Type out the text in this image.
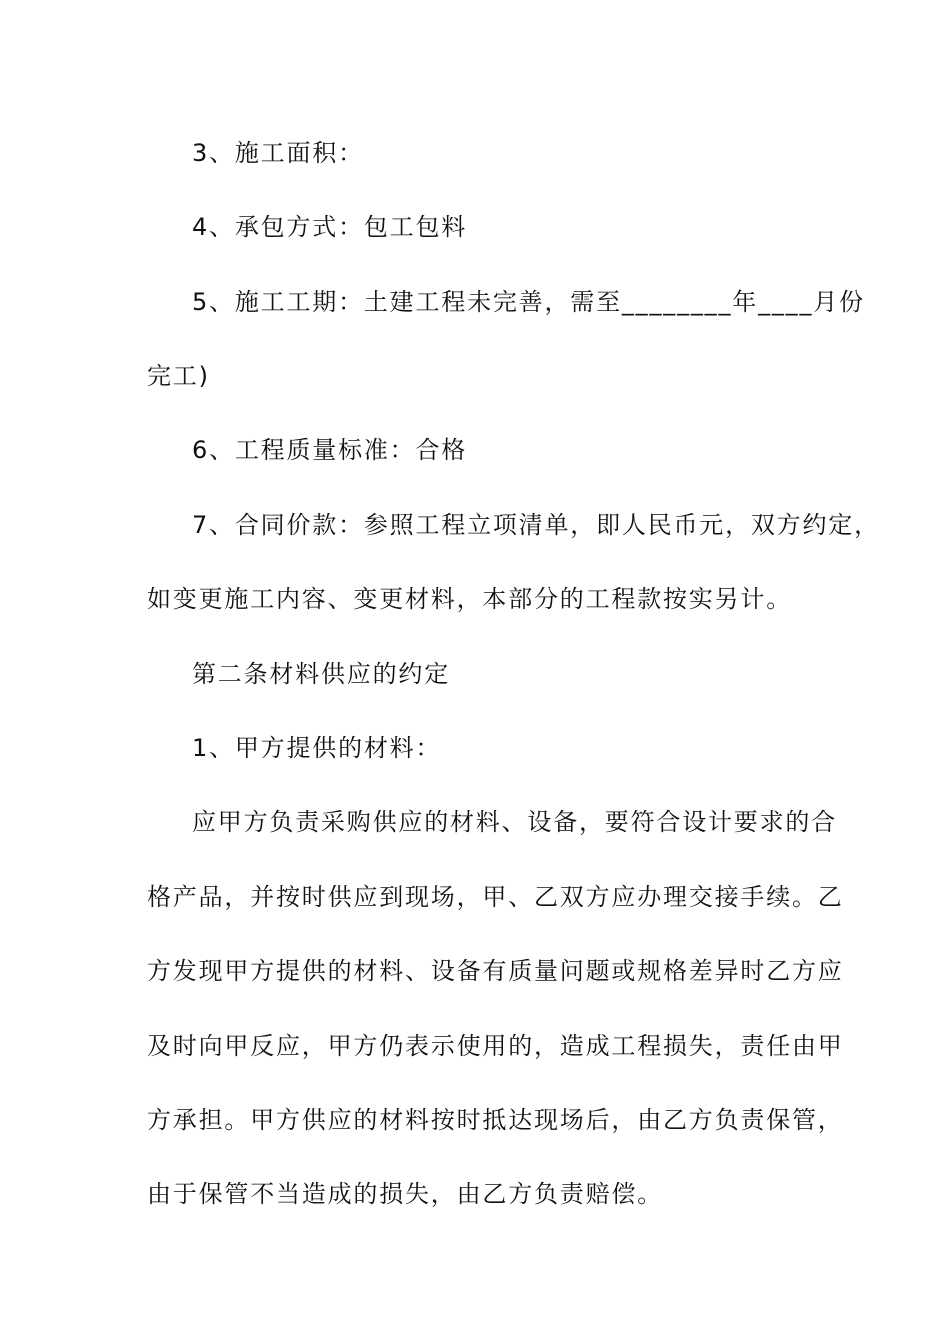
3、施工面积：
4、承包方式：包工包料
5、施工工期：土建工程未完善，需至________年____月份
完工)
6、工程质量标准：合格
7、合同价款：参照工程立项清单，即人民币元，双方约定，
如变更施工内容、变更材料，本部分的工程款按实另计。
第二条材料供应的约定
1、甲方提供的材料：
应甲方负责采购供应的材料、设备，要符合设计要求的合
格产品，并按时供应到现场，甲、乙双方应办理交接手续。乙
方发现甲方提供的材料、设备有质量问题或规格差异时乙方应
及时向甲反应，甲方仍表示使用的，造成工程损失，责任由甲
方承担。甲方供应的材料按时抵达现场后，由乙方负责保管，
由于保管不当造成的损失，由乙方负责赔偿。
